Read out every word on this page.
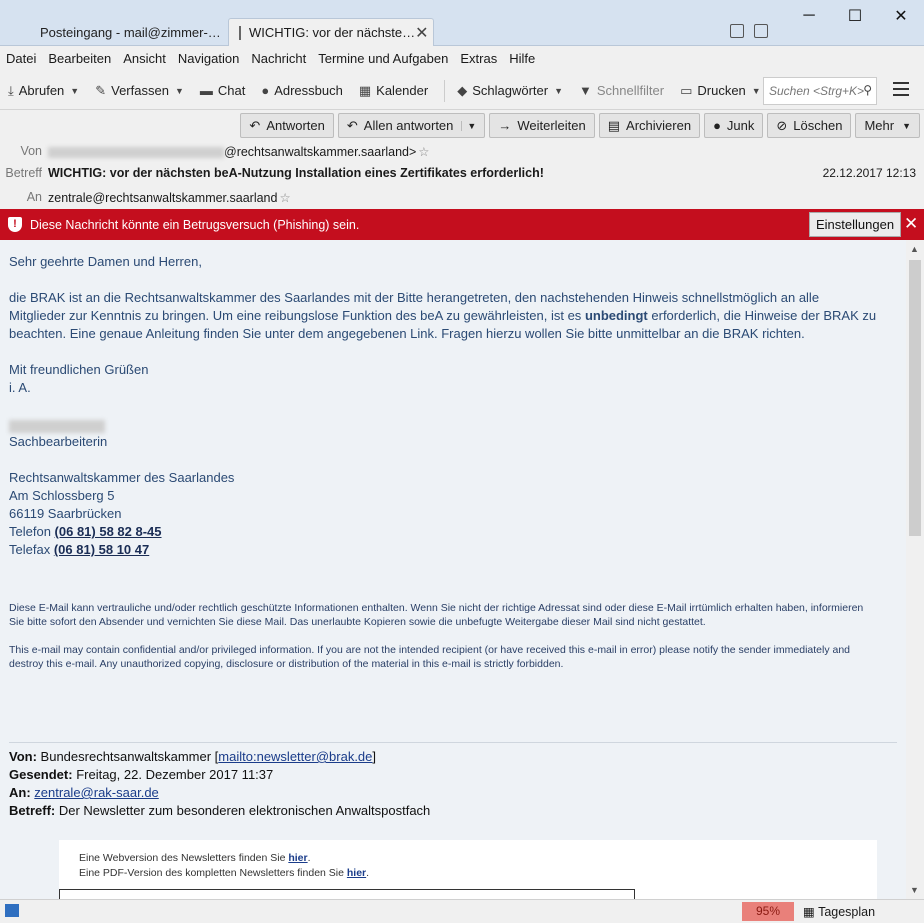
Posteingang - mail@zimmer-… WICHTIG: vor der nächste… ✕
─	☐	✕
Datei Bearbeiten Ansicht Navigation Nachricht Termine und Aufgaben Extras Hilfe
⤓ Abrufen ▼ ✎ Verfassen ▼ ▬ Chat ● Adressbuch ▦ Kalender ◆ Schlagwörter ▼ ▼ Schnellfilter ▭ Drucken ▼ Suchen <Strg+K> ⚲
↶ Antworten ↶ Allen antworten	▼ → Weiterleiten ▤ Archivieren ● Junk ⊘ Löschen Mehr ▼
Von	@rechtsanwaltskammer.saarland> ☆
Betreff WICHTIG: vor der nächsten beA-Nutzung Installation eines Zertifikates erforderlich!	22.12.2017 12:13
An zentrale@rechtsanwaltskammer.saarland ☆
!	Diese Nachricht könnte ein Betrugsversuch (Phishing) sein.	Einstellungen ✕
Sehr geehrte Damen und Herren,
die BRAK ist an die Rechtsanwaltskammer des Saarlandes mit der Bitte herangetreten, den nachstehenden Hinweis schnellstmöglich an alle
Mitglieder zur Kenntnis zu bringen. Um eine reibungslose Funktion des beA zu gewährleisten, ist es unbedingt erforderlich, die Hinweise der BRAK zu
beachten. Eine genaue Anleitung finden Sie unter dem angegebenen Link. Fragen hierzu wollen Sie bitte unmittelbar an die BRAK richten.
Mit freundlichen Grüßen
i. A.
Sachbearbeiterin
Rechtsanwaltskammer des Saarlandes
Am Schlossberg 5
66119 Saarbrücken
Telefon (06 81) 58 82 8-45
Telefax (06 81) 58 10 47
Diese E-Mail kann vertrauliche und/oder rechtlich geschützte Informationen enthalten. Wenn Sie nicht der richtige Adressat sind oder diese E-Mail irrtümlich erhalten haben, informieren
Sie bitte sofort den Absender und vernichten Sie diese Mail. Das unerlaubte Kopieren sowie die unbefugte Weitergabe dieser Mail sind nicht gestattet.
This e-mail may contain confidential and/or privileged information. If you are not the intended recipient (or have received this e-mail in error) please notify the sender immediately and
destroy this e-mail. Any unauthorized copying, disclosure or distribution of the material in this e-mail is strictly forbidden.
Von: Bundesrechtsanwaltskammer [mailto:newsletter@brak.de]
Gesendet: Freitag, 22. Dezember 2017 11:37
An: zentrale@rak-saar.de
Betreff: Der Newsletter zum besonderen elektronischen Anwaltspostfach
Eine Webversion des Newsletters finden Sie hier.
Eine PDF-Version des kompletten Newsletters finden Sie hier.
▲
▼
95%	▦ Tagesplan
